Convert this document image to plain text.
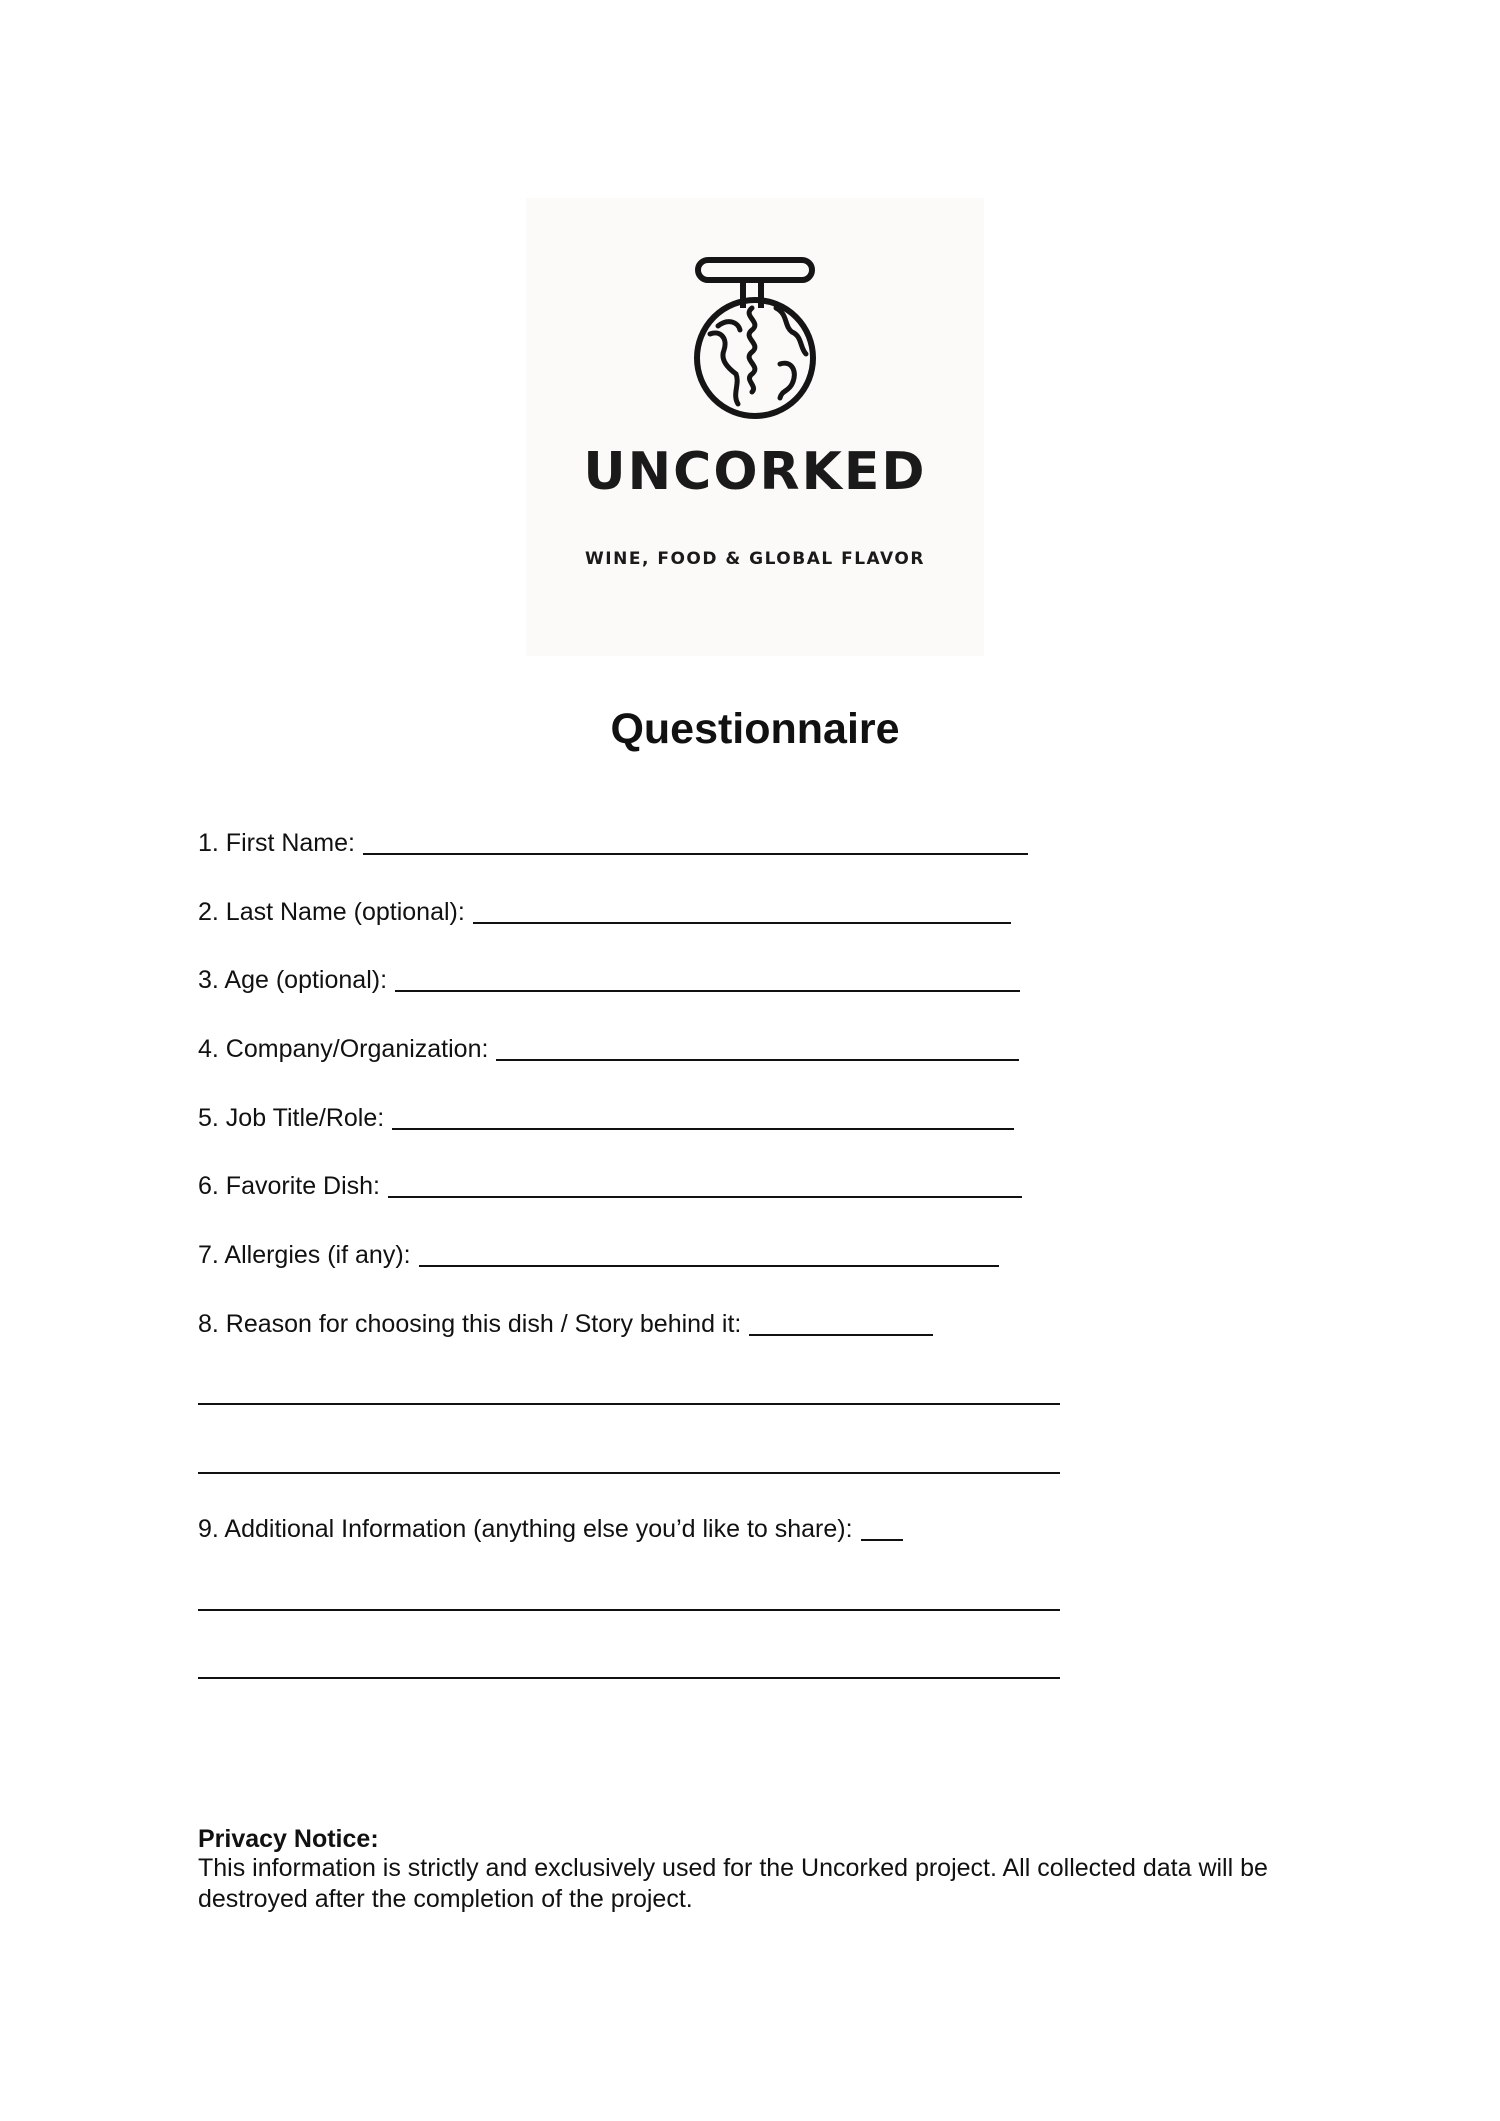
UNCORKED
WINE, FOOD & GLOBAL FLAVOR
Questionnaire
1. First Name:
2. Last Name (optional):
3. Age (optional):
4. Company/Organization:
5. Job Title/Role:
6. Favorite Dish:
7. Allergies (if any):
8. Reason for choosing this dish / Story behind it:
9. Additional Information (anything else you’d like to share):
Privacy Notice:
This information is strictly and exclusively used for the Uncorked project. All collected data will be destroyed after the completion of the project.
